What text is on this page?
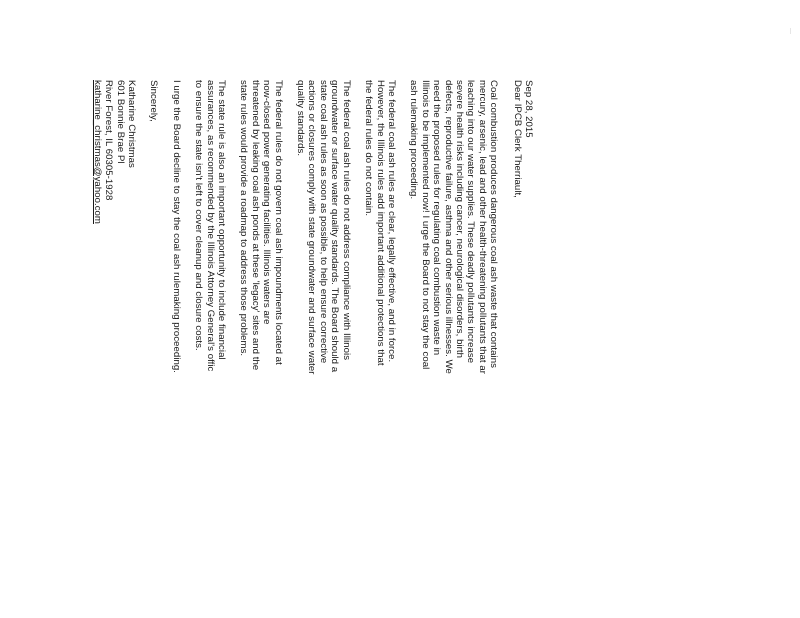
Sep 28, 2015

Dear IPCB Clerk Therriault,

Coal combustion produces dangerous coal ash waste that contains

mercury, arsenic, lead and other health-threatening pollutants that ar

leaching into our water supplies. These deadly pollutants increase

severe health risks including cancer, neurological disorders, birth

defects, reproductive failure, asthma and other serious illnesses. We

need the proposed rules for regulating coal combustion waste in

Illinois to be implemented now! I urge the Board to not stay the coal

ash rulemaking proceeding.

The federal coal ash rules are clear, legally effective, and in force.

However, the Illinois rules add important additional protections that

the federal rules do not contain.

The federal coal ash rules do not address compliance with Illinois

groundwater or surface water quality standards. The Board should a

state coal ash rules as soon as possible, to help ensure corrective

actions or closures comply with state groundwater and surface water

quality standards.

The federal rules do not govern coal ash impoundments located at

now-closed power generating facilities. Illinois waters are

threatened by leaking coal ash ponds at these 'legacy' sites and the

state rules would provide a roadmap to address those problems.

The state rule is also an important opportunity to include financial

assurances, as recommended by the Illinois Attorney General's offic

to ensure the state isn't left to cover cleanup and closure costs.

I urge the Board decline to stay the coal ash rulemaking proceeding.

Sincerely,

Katharine Christmas

601 Bonnie Brae Pl

River Forest, IL 60305-1928

katharine_christmas@yahoo.com
